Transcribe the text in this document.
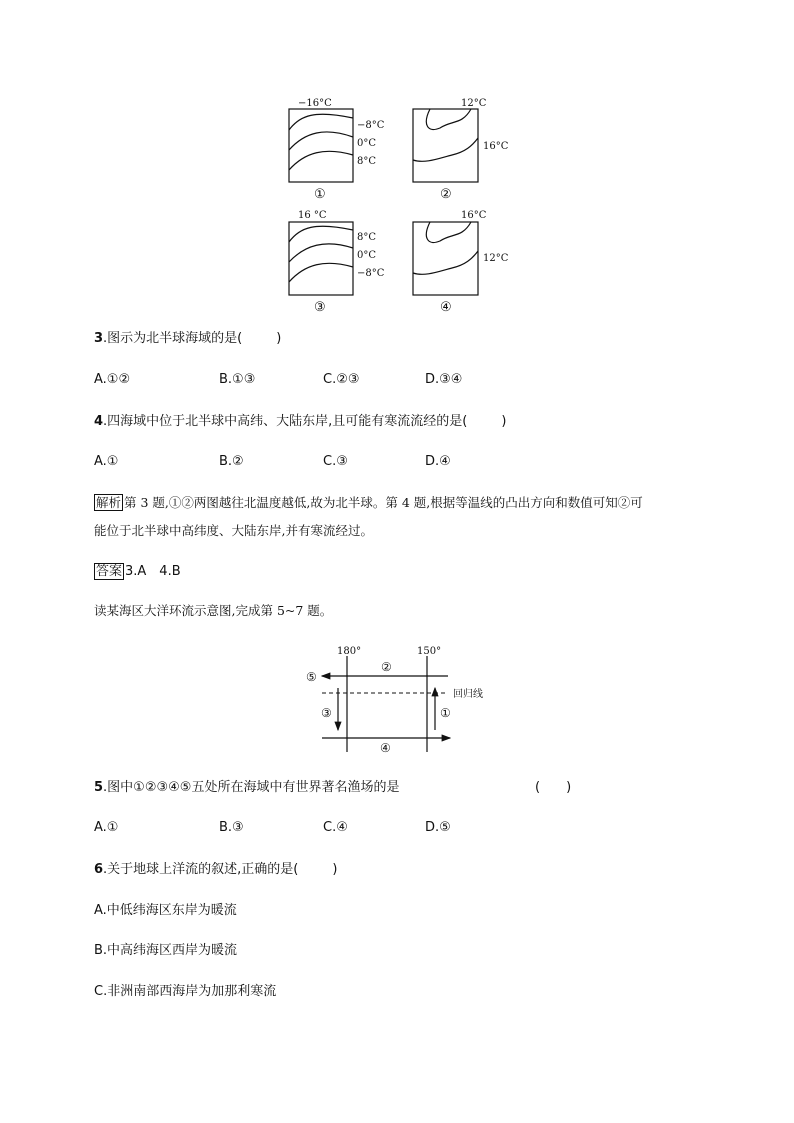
−16°C
−8°C
0°C
8°C
①
12°C
16°C
②
16 °C
8°C
0°C
−8°C
③
16°C
12°C
④
3.图示为北半球海域的是(	)
A.①②	B.①③	C.②③	D.③④
4.四海域中位于北半球中高纬、大陆东岸,且可能有寒流流经的是(	)
A.①	B.②	C.③	D.④
解析 第 3 题,①②两图越往北温度越低,故为北半球。第 4 题,根据等温线的凸出方向和数值可知②可
能位于北半球中高纬度、大陆东岸,并有寒流经过。
答案 3.A　4.B
读某海区大洋环流示意图,完成第 5~7 题。
180°	150°
②
⑤
回归线
③	①
④
5.图中①②③④⑤五处所在海域中有世界著名渔场的是	(　　)
A.①	B.③	C.④	D.⑤
6.关于地球上洋流的叙述,正确的是(	)
A.中低纬海区东岸为暖流
B.中高纬海区西岸为暖流
C.非洲南部西海岸为加那利寒流
